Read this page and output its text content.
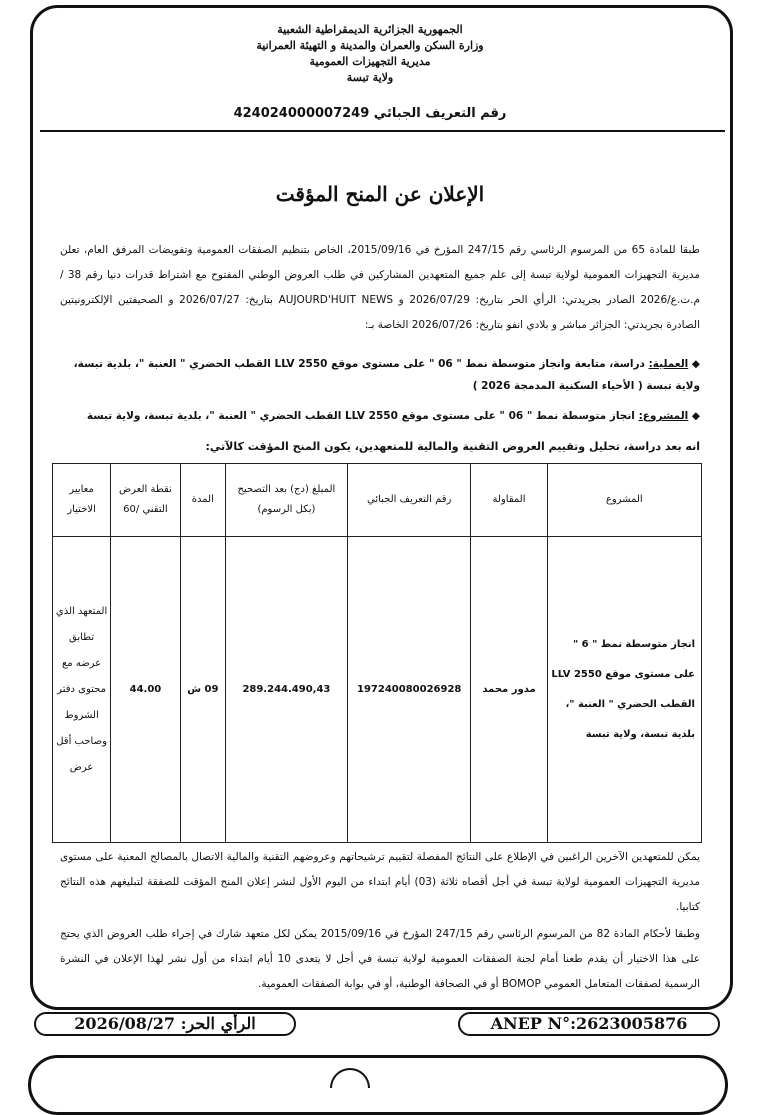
الجمهورية الجزائرية الديمقراطية الشعبية
وزارة السكن والعمران والمدينة و التهيئة العمرانية
مديرية التجهيزات العمومية
ولاية تبسة
رقم التعريف الجبائي 424024000007249
الإعلان عن المنح المؤقت
طبقا للمادة 65 من المرسوم الرئاسي رقم 247/15 المؤرخ في 2015/09/16، الخاص بتنظيم الصفقات العمومية وتفويضات المرفق العام، تعلن مديرية التجهيزات العمومية لولاية تبسة إلى علم جميع المتعهدين المشاركين في طلب العروض الوطني المفتوح مع اشتراط قدرات دنيا رقم 38 /م.ت.ع/2026 الصادر بجريدتي: الرأي الحر بتاريخ: 2026/07/29 و AUJOURD'HUIT NEWS بتاريخ: 2026/07/27 و الصحيفتين الإلكترونيتين الصادرة بجريدتي: الجزائر مباشر و بلادي انفو بتاريخ: 2026/07/26 الخاصة بـ:
◆ العملية: دراسة، متابعة وانجاز متوسطة نمط " 06 " على مستوى موقع LLV 2550 القطب الحضري " العنبة "، بلدية تبسة، ولاية تبسة ( الأحياء السكنية المدمجة 2026 )
◆ المشروع: انجاز متوسطة نمط " 06 " على مستوى موقع LLV 2550 القطب الحضري " العنبة "، بلدية تبسة، ولاية تبسة
انه بعد دراسة، تحليل وتقييم العروض التقنية والمالية للمتعهدين، يكون المنح المؤقت كالآتي:
المشروع	المقاولة	رقم التعريف الجبائي	المبلغ (دج) بعد التصحيح (بكل الرسوم)	المدة	نقطة العرض التقني /60	معايير الاختيار
انجاز متوسطة نمط " 6 " على مستوى موقع LLV 2550 القطب الحضري " العنبة "، بلدية تبسة، ولاية تبسة	مدور محمد	197240080026928	289.244.490,43	09 ش	44.00	المتعهد الذي تطابق عرضه مع محتوى دفتر الشروط وصاحب أقل عرض
يمكن للمتعهدين الآخرين الراغبين في الإطلاع على النتائج المفصلة لتقييم ترشيحاتهم وعروضهم التقنية والمالية الاتصال بالمصالح المعنية على مستوى مديرية التجهيزات العمومية لولاية تبسة في أجل أقصاه ثلاثة (03) أيام ابتداء من اليوم الأول لنشر إعلان المنح المؤقت للصفقة لتبليغهم هذه النتائج كتابيا.
وطبقا لأحكام المادة 82 من المرسوم الرئاسي رقم 247/15 المؤرخ في 2015/09/16 يمكن لكل متعهد شارك في إجراء طلب العروض الذي يحتج على هذا الاختيار أن يقدم طعنا أمام لجنة الصفقات العمومية لولاية تبسة في أجل لا يتعدى 10 أيام ابتداء من أول نشر لهذا الإعلان في النشرة الرسمية لصفقات المتعامل العمومي BOMOP أو في الصحافة الوطنية، أو في بوابة الصفقات العمومية.
ANEP N°:2623005876
الرأي الحر: 2026/08/27
